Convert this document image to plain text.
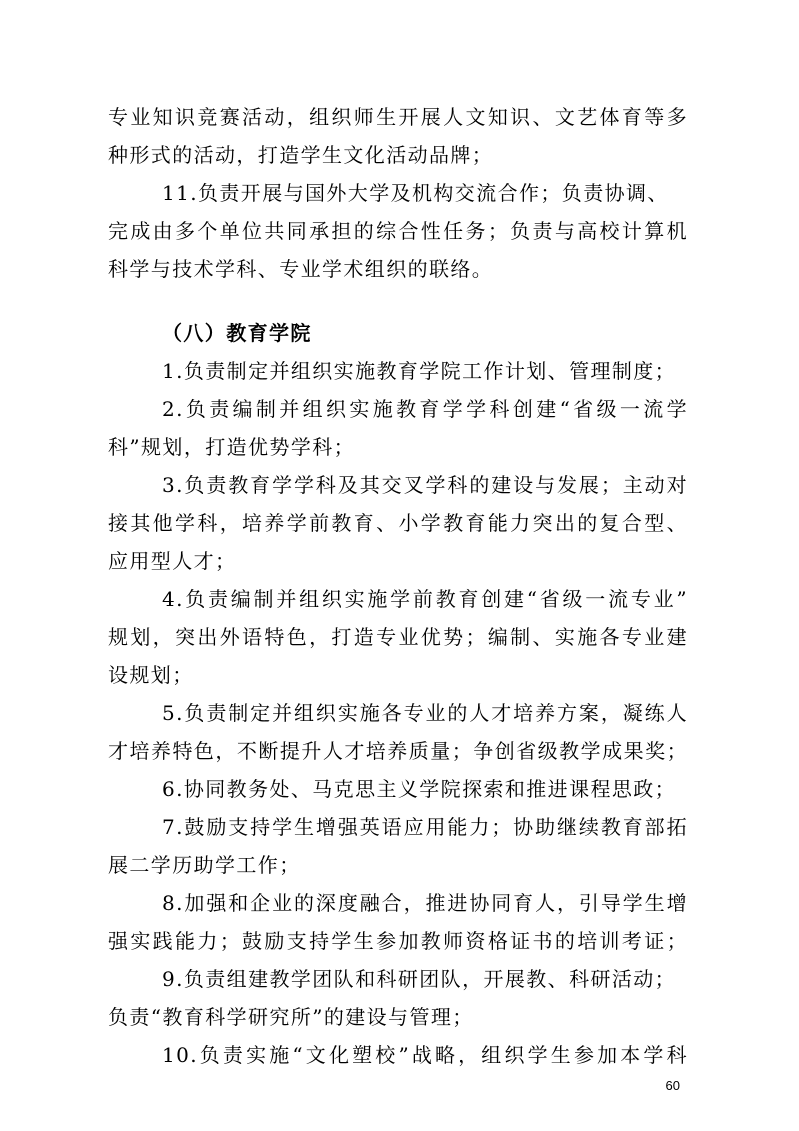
专业知识竞赛活动，组织师生开展人文知识、文艺体育等多
种形式的活动，打造学生文化活动品牌；
11.负责开展与国外大学及机构交流合作；负责协调、
完成由多个单位共同承担的综合性任务；负责与高校计算机
科学与技术学科、专业学术组织的联络。
（八）教育学院
1.负责制定并组织实施教育学院工作计划、管理制度；
2.负责编制并组织实施教育学学科创建“省级一流学
科”规划，打造优势学科；
3.负责教育学学科及其交叉学科的建设与发展；主动对
接其他学科，培养学前教育、小学教育能力突出的复合型、
应用型人才；
4.负责编制并组织实施学前教育创建“省级一流专业”
规划，突出外语特色，打造专业优势；编制、实施各专业建
设规划；
5.负责制定并组织实施各专业的人才培养方案，凝练人
才培养特色，不断提升人才培养质量；争创省级教学成果奖；
6.协同教务处、马克思主义学院探索和推进课程思政；
7.鼓励支持学生增强英语应用能力；协助继续教育部拓
展二学历助学工作；
8.加强和企业的深度融合，推进协同育人，引导学生增
强实践能力；鼓励支持学生参加教师资格证书的培训考证；
9.负责组建教学团队和科研团队，开展教、科研活动；
负责“教育科学研究所”的建设与管理；
10.负责实施“文化塑校”战略，组织学生参加本学科
60
